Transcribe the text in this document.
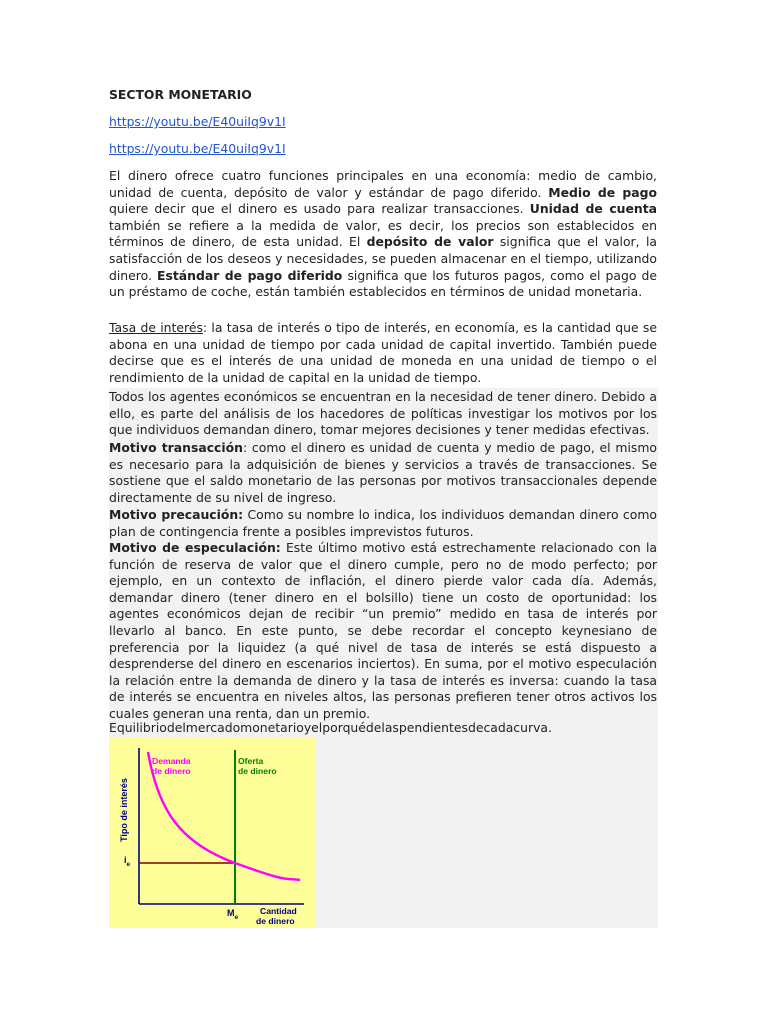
SECTOR MONETARIO

https://youtu.be/E40uiIq9v1I

https://youtu.be/E40uiIq9v1I

El dinero ofrece cuatro funciones principales en una economía: medio de cambio, unidad de cuenta, depósito de valor y estándar de pago diferido. Medio de pago quiere decir que el dinero es usado para realizar transacciones. Unidad de cuenta también se refiere a la medida de valor, es decir, los precios son establecidos en términos de dinero, de esta unidad. El depósito de valor significa que el valor, la satisfacción de los deseos y necesidades, se pueden almacenar en el tiempo, utilizando dinero. Estándar de pago diferido significa que los futuros pagos, como el pago de un préstamo de coche, están también establecidos en términos de unidad monetaria.

Tasa de interés: la tasa de interés o tipo de interés, en economía, es la cantidad que se abona en una unidad de tiempo por cada unidad de capital invertido. También puede decirse que es el interés de una unidad de moneda en una unidad de tiempo o el rendimiento de la unidad de capital en la unidad de tiempo.

Todos los agentes económicos se encuentran en la necesidad de tener dinero. Debido a ello, es parte del análisis de los hacedores de políticas investigar los motivos por los que individuos demandan dinero, tomar mejores decisiones y tener medidas efectivas.

Motivo transacción: como el dinero es unidad de cuenta y medio de pago, el mismo es necesario para la adquisición de bienes y servicios a través de transacciones. Se sostiene que el saldo monetario de las personas por motivos transaccionales depende directamente de su nivel de ingreso.

Motivo precaución: Como su nombre lo indica, los individuos demandan dinero como plan de contingencia frente a posibles imprevistos futuros.

Motivo de especulación: Este último motivo está estrechamente relacionado con la función de reserva de valor que el dinero cumple, pero no de modo perfecto; por ejemplo, en un contexto de inflación, el dinero pierde valor cada día. Además, demandar dinero (tener dinero en el bolsillo) tiene un costo de oportunidad: los agentes económicos dejan de recibir “un premio” medido en tasa de interés por llevarlo al banco. En este punto, se debe recordar el concepto keynesiano de preferencia por la liquidez (a qué nivel de tasa de interés se está dispuesto a desprenderse del dinero en escenarios inciertos). En suma, por el motivo especulación la relación entre la demanda de dinero y la tasa de interés es inversa: cuando la tasa de interés se encuentra en niveles altos, las personas prefieren tener otros activos los cuales generan una renta, dan un premio.

Equilibriodelmercadomonetarioyelporquédelaspendientesdecadacurva.

Tipo de interés
Demanda
de dinero
Oferta
de dinero
$i_e$
$M_e$
Cantidad
de dinero
